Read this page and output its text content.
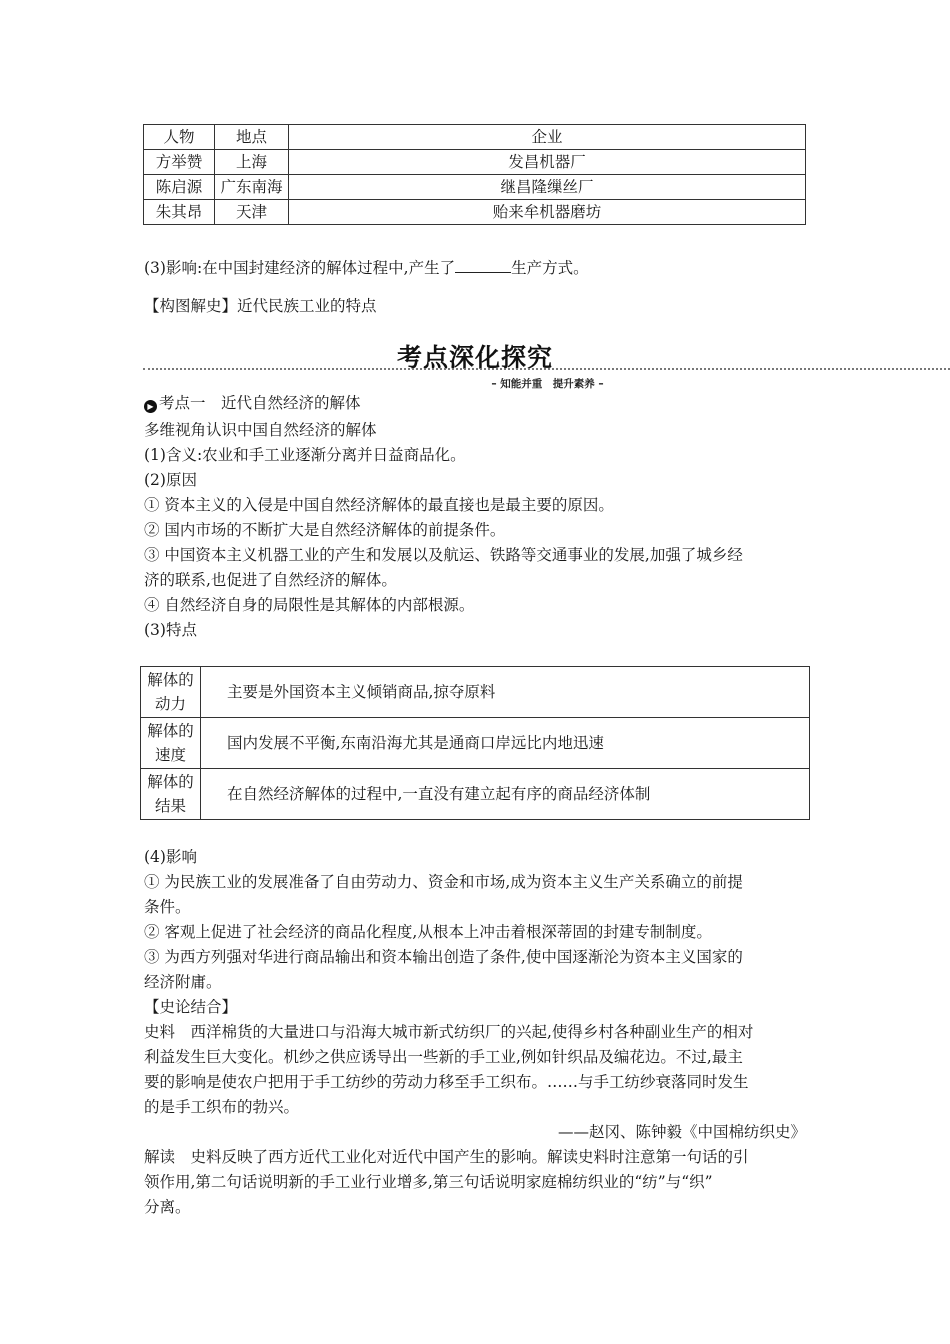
人物	地点	企业
方举赞	上海	发昌机器厂
陈启源	广东南海	继昌隆缫丝厂
朱其昂	天津	贻来牟机器磨坊
(3)影响:在中国封建经济的解体过程中,产生了	生产方式。
【构图解史】近代民族工业的特点
考点深化探究
– 知能并重　提升素养 –
▶ 考点一　近代自然经济的解体
多维视角认识中国自然经济的解体
(1)含义:农业和手工业逐渐分离并日益商品化。
(2)原因
① 资本主义的入侵是中国自然经济解体的最直接也是最主要的原因。
② 国内市场的不断扩大是自然经济解体的前提条件。
③ 中国资本主义机器工业的产生和发展以及航运、铁路等交通事业的发展,加强了城乡经
济的联系,也促进了自然经济的解体。
④ 自然经济自身的局限性是其解体的内部根源。
(3)特点
解体的
动力	主要是外国资本主义倾销商品,掠夺原料
解体的
速度	国内发展不平衡,东南沿海尤其是通商口岸远比内地迅速
解体的
结果	在自然经济解体的过程中,一直没有建立起有序的商品经济体制
(4)影响
① 为民族工业的发展准备了自由劳动力、资金和市场,成为资本主义生产关系确立的前提
条件。
② 客观上促进了社会经济的商品化程度,从根本上冲击着根深蒂固的封建专制制度。
③ 为西方列强对华进行商品输出和资本输出创造了条件,使中国逐渐沦为资本主义国家的
经济附庸。
【史论结合】
史料　西洋棉货的大量进口与沿海大城市新式纺织厂的兴起,使得乡村各种副业生产的相对
利益发生巨大变化。机纱之供应诱导出一些新的手工业,例如针织品及编花边。不过,最主
要的影响是使农户把用于手工纺纱的劳动力移至手工织布。……与手工纺纱衰落同时发生
的是手工织布的勃兴。
——赵冈、陈钟毅《中国棉纺织史》
解读　史料反映了西方近代工业化对近代中国产生的影响。解读史料时注意第一句话的引
领作用,第二句话说明新的手工业行业增多,第三句话说明家庭棉纺织业的“纺”与“织”
分离。
